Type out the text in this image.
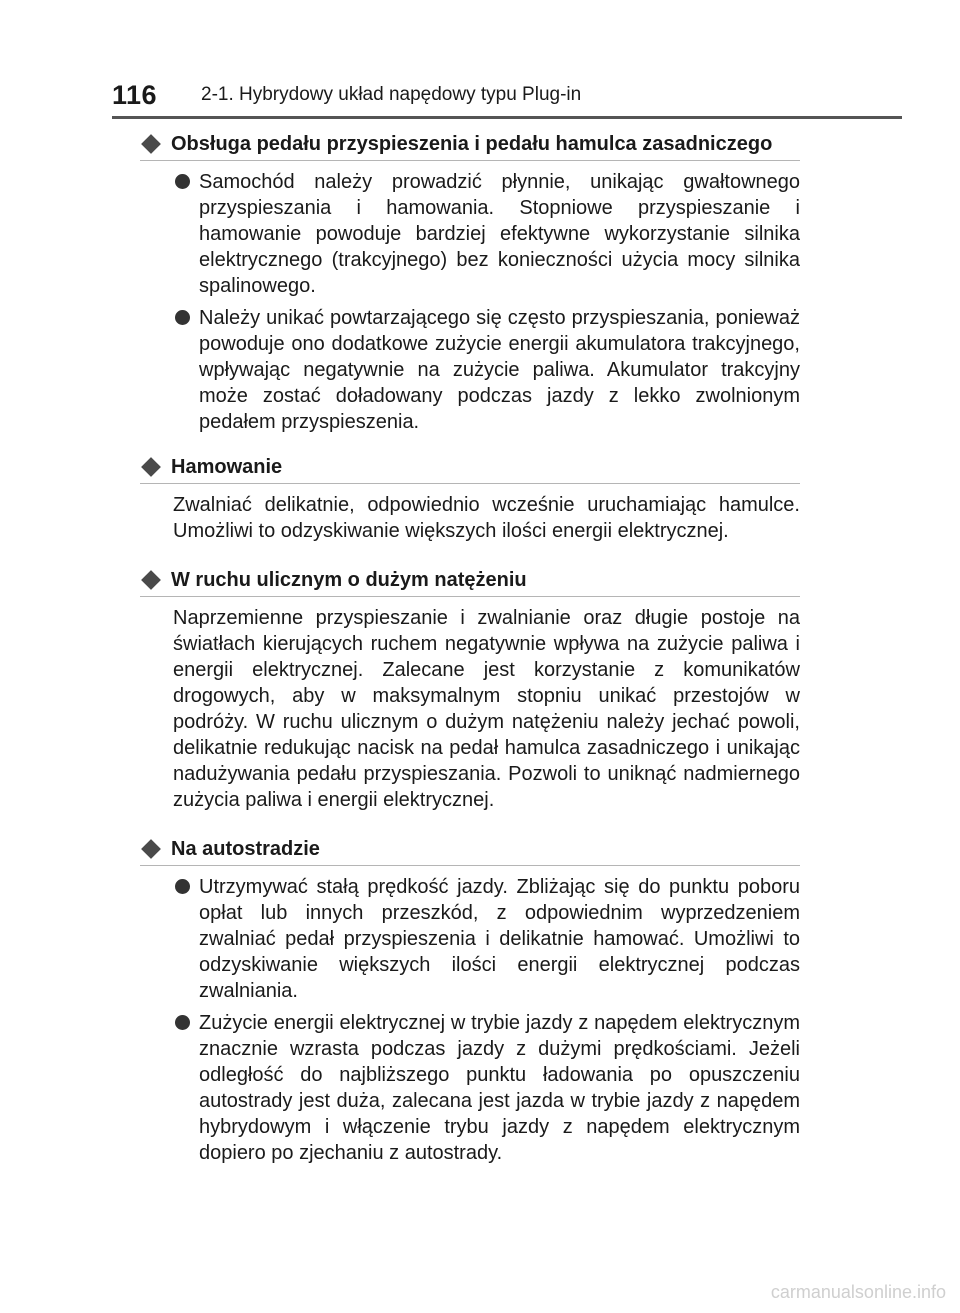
116 2-1. Hybrydowy układ napędowy typu Plug-in
Obsługa pedału przyspieszenia i pedału hamulca zasadniczego
Samochód należy prowadzić płynnie, unikając gwałtownego przyspieszania i hamowania. Stopniowe przyspieszanie i hamowanie powoduje bardziej efektywne wykorzystanie silnika elektrycznego (trakcyjnego) bez konieczności użycia mocy silnika spalinowego.
Należy unikać powtarzającego się często przyspieszania, ponieważ powoduje ono dodatkowe zużycie energii akumulatora trakcyjnego, wpływając negatywnie na zużycie paliwa. Akumulator trakcyjny może zostać doładowany podczas jazdy z lekko zwolnionym pedałem przyspieszenia.
Hamowanie
Zwalniać delikatnie, odpowiednio wcześnie uruchamiając hamulce. Umożliwi to odzyskiwanie większych ilości energii elektrycznej.
W ruchu ulicznym o dużym natężeniu
Naprzemienne przyspieszanie i zwalnianie oraz długie postoje na światłach kierujących ruchem negatywnie wpływa na zużycie paliwa i energii elektrycznej. Zalecane jest korzystanie z komunikatów drogowych, aby w maksymalnym stopniu unikać przestojów w podróży. W ruchu ulicznym o dużym natężeniu należy jechać powoli, delikatnie redukując nacisk na pedał hamulca zasadniczego i unikając nadużywania pedału przyspieszania. Pozwoli to uniknąć nadmiernego zużycia paliwa i energii elektrycznej.
Na autostradzie
Utrzymywać stałą prędkość jazdy. Zbliżając się do punktu poboru opłat lub innych przeszkód, z odpowiednim wyprzedzeniem zwalniać pedał przyspieszenia i delikatnie hamować. Umożliwi to odzyskiwanie większych ilości energii elektrycznej podczas zwalniania.
Zużycie energii elektrycznej w trybie jazdy z napędem elektrycznym znacznie wzrasta podczas jazdy z dużymi prędkościami. Jeżeli odległość do najbliższego punktu ładowania po opuszczeniu autostrady jest duża, zalecana jest jazda w trybie jazdy z napędem hybrydowym i włączenie trybu jazdy z napędem elektrycznym dopiero po zjechaniu z autostrady.
carmanualsonline.info
